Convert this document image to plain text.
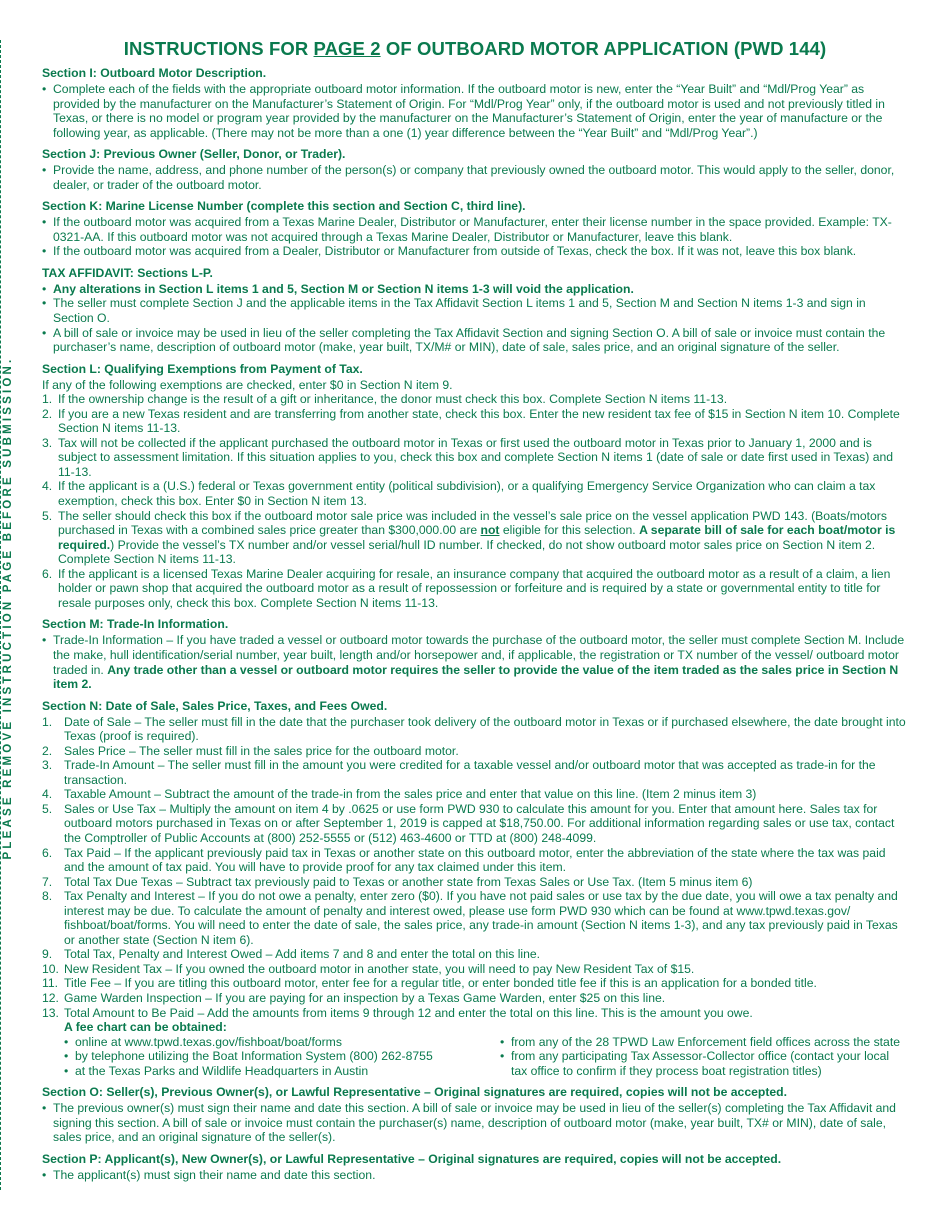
PLEASE REMOVE INSTRUCTION PAGE BEFORE SUBMISSION.
INSTRUCTIONS FOR PAGE 2 OF OUTBOARD MOTOR APPLICATION (PWD 144)
Section I: Outboard Motor Description.
• Complete each of the fields with the appropriate outboard motor information. If the outboard motor is new, enter the “Year Built” and “Mdl/Prog Year” as provided by the manufacturer on the Manufacturer’s Statement of Origin. For “Mdl/Prog Year” only, if the outboard motor is used and not previously titled in Texas, or there is no model or program year provided by the manufacturer on the Manufacturer’s Statement of Origin, enter the year of manufacture or the following year, as applicable. (There may not be more than a one (1) year difference between the “Year Built” and “Mdl/Prog Year”.)
Section J: Previous Owner (Seller, Donor, or Trader).
• Provide the name, address, and phone number of the person(s) or company that previously owned the outboard motor. This would apply to the seller, donor, dealer, or trader of the outboard motor.
Section K: Marine License Number (complete this section and Section C, third line).
• If the outboard motor was acquired from a Texas Marine Dealer, Distributor or Manufacturer, enter their license number in the space provided. Example: TX-0321-AA. If this outboard motor was not acquired through a Texas Marine Dealer, Distributor or Manufacturer, leave this blank.
• If the outboard motor was acquired from a Dealer, Distributor or Manufacturer from outside of Texas, check the box. If it was not, leave this box blank.
TAX AFFIDAVIT: Sections L-P.
• Any alterations in Section L items 1 and 5, Section M or Section N items 1-3 will void the application.
• The seller must complete Section J and the applicable items in the Tax Affidavit Section L items 1 and 5, Section M and Section N items 1-3 and sign in Section O.
• A bill of sale or invoice may be used in lieu of the seller completing the Tax Affidavit Section and signing Section O. A bill of sale or invoice must contain the purchaser’s name, description of outboard motor (make, year built, TX/M# or MIN), date of sale, sales price, and an original signature of the seller.
Section L: Qualifying Exemptions from Payment of Tax.
If any of the following exemptions are checked, enter $0 in Section N item 9.
1. If the ownership change is the result of a gift or inheritance, the donor must check this box. Complete Section N items 11-13.
2. If you are a new Texas resident and are transferring from another state, check this box. Enter the new resident tax fee of $15 in Section N item 10. Complete Section N items 11-13.
3. Tax will not be collected if the applicant purchased the outboard motor in Texas or first used the outboard motor in Texas prior to January 1, 2000 and is subject to assessment limitation. If this situation applies to you, check this box and complete Section N items 1 (date of sale or date first used in Texas) and 11-13.
4. If the applicant is a (U.S.) federal or Texas government entity (political subdivision), or a qualifying Emergency Service Organization who can claim a tax exemption, check this box. Enter $0 in Section N item 13.
5. The seller should check this box if the outboard motor sale price was included in the vessel’s sale price on the vessel application PWD 143. (Boats/motors purchased in Texas with a combined sales price greater than $300,000.00 are not eligible for this selection. A separate bill of sale for each boat/motor is required.) Provide the vessel’s TX number and/or vessel serial/hull ID number. If checked, do not show outboard motor sales price on Section N item 2. Complete Section N items 11-13.
6. If the applicant is a licensed Texas Marine Dealer acquiring for resale, an insurance company that acquired the outboard motor as a result of a claim, a lien holder or pawn shop that acquired the outboard motor as a result of repossession or forfeiture and is required by a state or governmental entity to title for resale purposes only, check this box. Complete Section N items 11-13.
Section M: Trade-In Information.
• Trade-In Information – If you have traded a vessel or outboard motor towards the purchase of the outboard motor, the seller must complete Section M. Include the make, hull identification/serial number, year built, length and/or horsepower and, if applicable, the registration or TX number of the vessel/ outboard motor traded in. Any trade other than a vessel or outboard motor requires the seller to provide the value of the item traded as the sales price in Section N item 2.
Section N: Date of Sale, Sales Price, Taxes, and Fees Owed.
1. Date of Sale – The seller must fill in the date that the purchaser took delivery of the outboard motor in Texas or if purchased elsewhere, the date brought into Texas (proof is required).
2. Sales Price – The seller must fill in the sales price for the outboard motor.
3. Trade-In Amount – The seller must fill in the amount you were credited for a taxable vessel and/or outboard motor that was accepted as trade-in for the transaction.
4. Taxable Amount – Subtract the amount of the trade-in from the sales price and enter that value on this line. (Item 2 minus item 3)
5. Sales or Use Tax – Multiply the amount on item 4 by .0625 or use form PWD 930 to calculate this amount for you. Enter that amount here. Sales tax for outboard motors purchased in Texas on or after September 1, 2019 is capped at $18,750.00. For additional information regarding sales or use tax, contact the Comptroller of Public Accounts at (800) 252-5555 or (512) 463-4600 or TTD at (800) 248-4099.
6. Tax Paid – If the applicant previously paid tax in Texas or another state on this outboard motor, enter the abbreviation of the state where the tax was paid and the amount of tax paid. You will have to provide proof for any tax claimed under this item.
7. Total Tax Due Texas – Subtract tax previously paid to Texas or another state from Texas Sales or Use Tax. (Item 5 minus item 6)
8. Tax Penalty and Interest – If you do not owe a penalty, enter zero ($0). If you have not paid sales or use tax by the due date, you will owe a tax penalty and interest may be due. To calculate the amount of penalty and interest owed, please use form PWD 930 which can be found at www.tpwd.texas.gov/ fishboat/boat/forms. You will need to enter the date of sale, the sales price, any trade-in amount (Section N items 1-3), and any tax previously paid in Texas or another state (Section N item 6).
9. Total Tax, Penalty and Interest Owed – Add items 7 and 8 and enter the total on this line.
10. New Resident Tax – If you owned the outboard motor in another state, you will need to pay New Resident Tax of $15.
11. Title Fee – If you are titling this outboard motor, enter fee for a regular title, or enter bonded title fee if this is an application for a bonded title.
12. Game Warden Inspection – If you are paying for an inspection by a Texas Game Warden, enter $25 on this line.
13. Total Amount to Be Paid – Add the amounts from items 9 through 12 and enter the total on this line. This is the amount you owe.
A fee chart can be obtained:
• online at www.tpwd.texas.gov/fishboat/boat/forms
• by telephone utilizing the Boat Information System (800) 262-8755
• at the Texas Parks and Wildlife Headquarters in Austin
• from any of the 28 TPWD Law Enforcement field offices across the state
• from any participating Tax Assessor-Collector office (contact your local tax office to confirm if they process boat registration titles)
Section O: Seller(s), Previous Owner(s), or Lawful Representative – Original signatures are required, copies will not be accepted.
• The previous owner(s) must sign their name and date this section. A bill of sale or invoice may be used in lieu of the seller(s) completing the Tax Affidavit and signing this section. A bill of sale or invoice must contain the purchaser(s) name, description of outboard motor (make, year built, TX# or MIN), date of sale, sales price, and an original signature of the seller(s).
Section P: Applicant(s), New Owner(s), or Lawful Representative – Original signatures are required, copies will not be accepted.
• The applicant(s) must sign their name and date this section.
